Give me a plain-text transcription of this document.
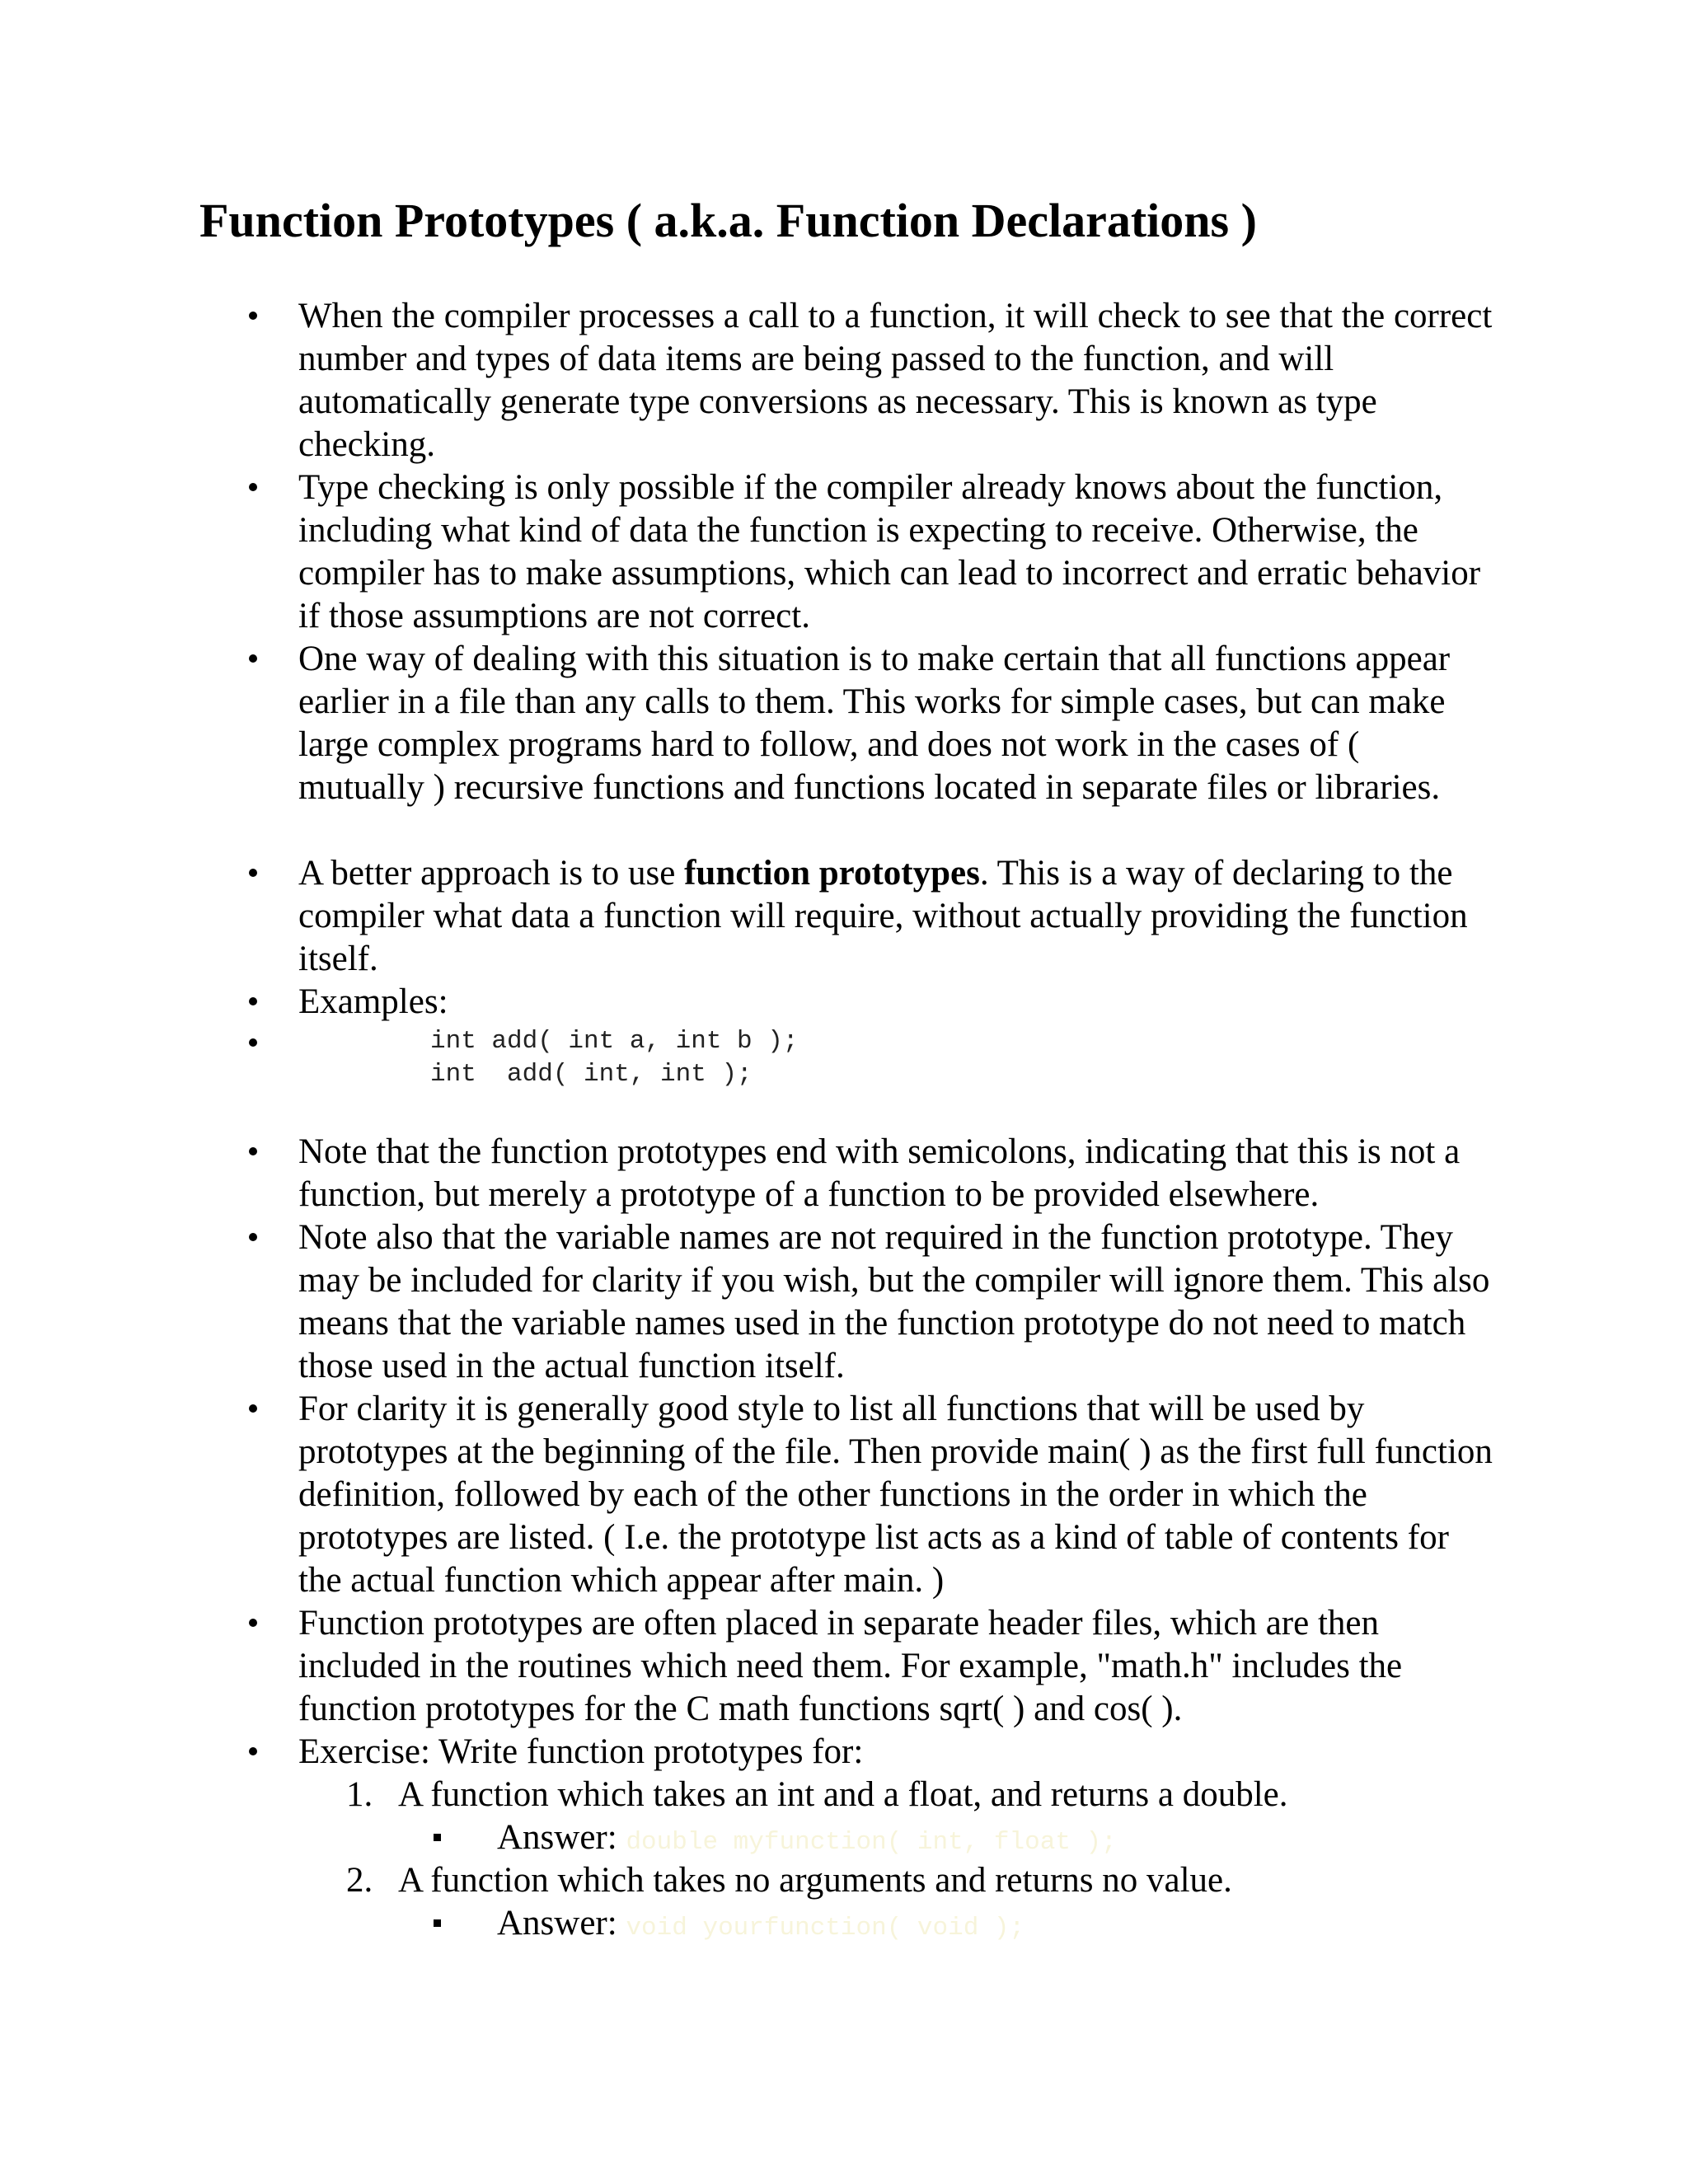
Function Prototypes ( a.k.a. Function Declarations )
When the compiler processes a call to a function, it will check to see that the correct number and types of data items are being passed to the function, and will automatically generate type conversions as necessary. This is known as type checking.
Type checking is only possible if the compiler already knows about the function, including what kind of data the function is expecting to receive. Otherwise, the compiler has to make assumptions, which can lead to incorrect and erratic behavior if those assumptions are not correct.
One way of dealing with this situation is to make certain that all functions appear earlier in a file than any calls to them. This works for simple cases, but can make large complex programs hard to follow, and does not work in the cases of ( mutually ) recursive functions and functions located in separate files or libraries.
A better approach is to use function prototypes. This is a way of declaring to the compiler what data a function will require, without actually providing the function itself.
Examples:
int add( int a, int b );
int  add( int, int );
Note that the function prototypes end with semicolons, indicating that this is not a function, but merely a prototype of a function to be provided elsewhere.
Note also that the variable names are not required in the function prototype. They may be included for clarity if you wish, but the compiler will ignore them. This also means that the variable names used in the function prototype do not need to match those used in the actual function itself.
For clarity it is generally good style to list all functions that will be used by prototypes at the beginning of the file. Then provide main( ) as the first full function definition, followed by each of the other functions in the order in which the prototypes are listed. ( I.e. the prototype list acts as a kind of table of contents for the actual function which appear after main. )
Function prototypes are often placed in separate header files, which are then included in the routines which need them. For example, "math.h" includes the function prototypes for the C math functions sqrt( ) and cos( ).
Exercise: Write function prototypes for:
1. A function which takes an int and a float, and returns a double.
Answer: double myfunction( int, float );
2. A function which takes no arguments and returns no value.
Answer: void yourfunction( void );
